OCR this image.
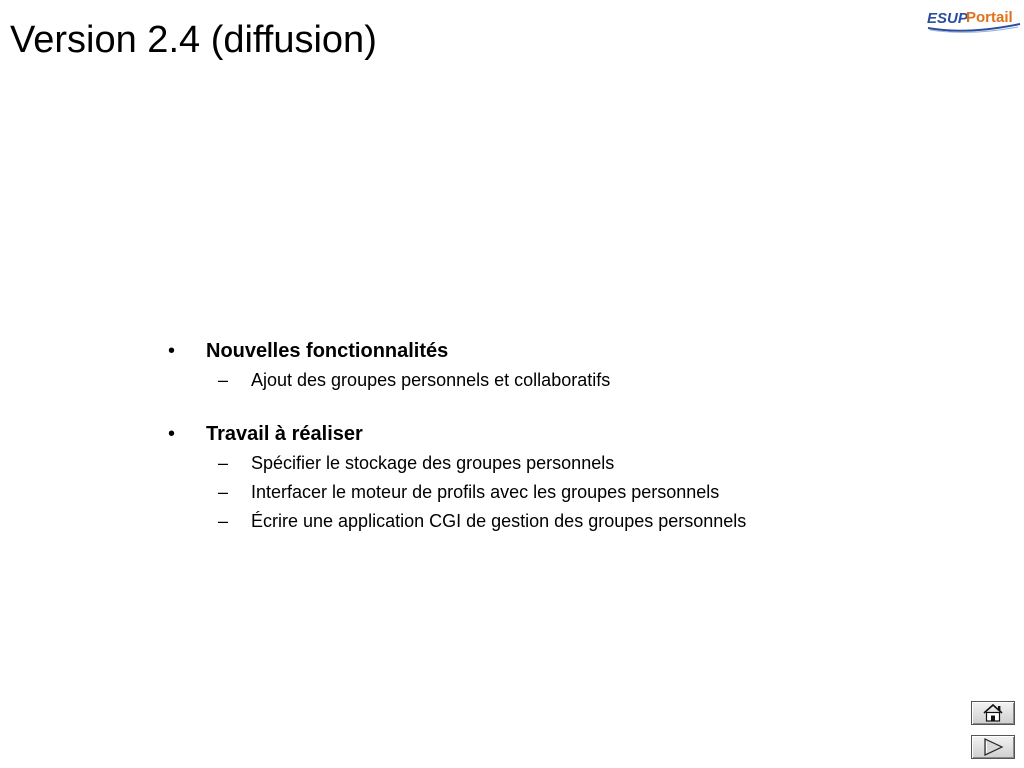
Version 2.4 (diffusion)
ESUP
Portail
•	Nouvelles fonctionnalités
–	Ajout des groupes personnels et collaboratifs
•	Travail à réaliser
–	Spécifier le stockage des groupes personnels
–	Interfacer le moteur de profils avec les groupes personnels
–	Écrire une application CGI de gestion des groupes personnels
